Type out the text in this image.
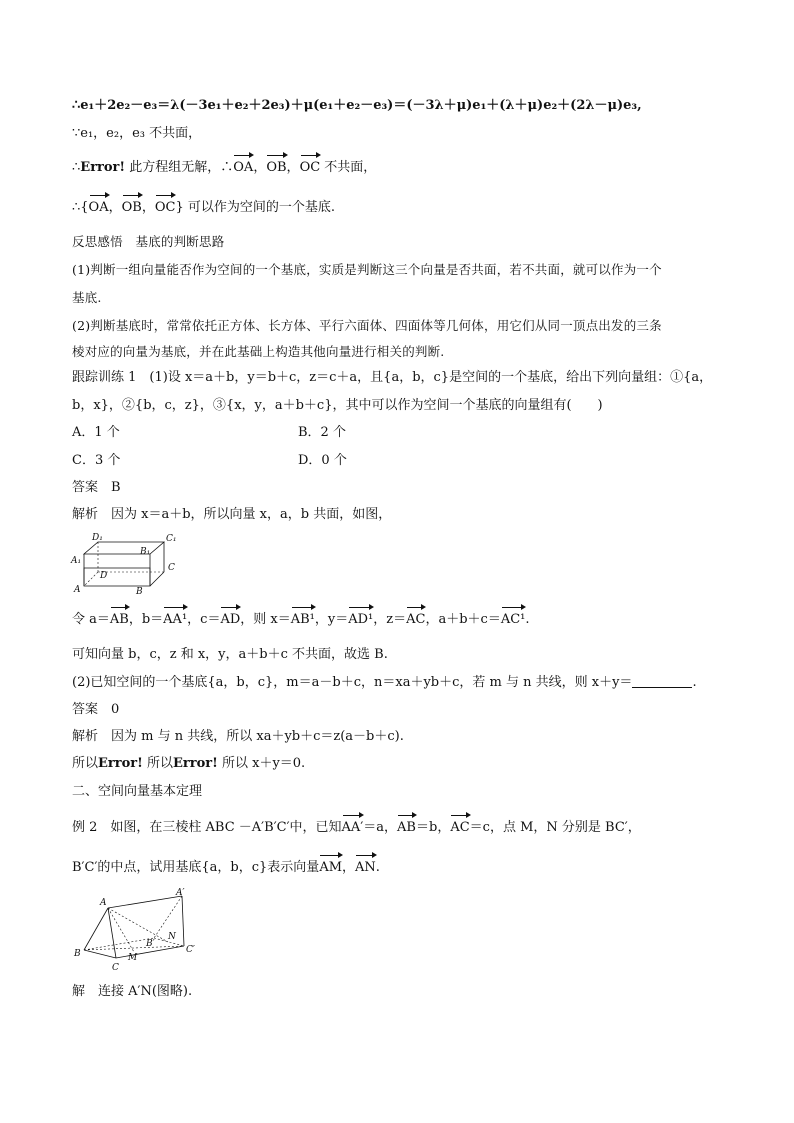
∴e₁＋2e₂－e₃＝λ(－3e₁＋e₂＋2e₃)＋μ(e₁＋e₂－e₃)＝(－3λ＋μ)e₁＋(λ＋μ)e₂＋(2λ－μ)e₃,
∵e₁，e₂，e₃ 不共面，
∴Error! 此方程组无解，∴OA，OB，OC 不共面，
∴{OA，OB，OC} 可以作为空间的一个基底.
反思感悟　基底的判断思路
(1)判断一组向量能否作为空间的一个基底，实质是判断这三个向量是否共面，若不共面，就可以作为一个
基底.
(2)判断基底时，常常依托正方体、长方体、平行六面体、四面体等几何体，用它们从同一顶点出发的三条
棱对应的向量为基底，并在此基础上构造其他向量进行相关的判断.
跟踪训练 1　(1)设 x＝a＋b，y＝b＋c，z＝c＋a，且{a，b，c}是空间的一个基底，给出下列向量组：①{a，
b，x}，②{b，c，z}，③{x，y，a＋b＋c}，其中可以作为空间一个基底的向量组有(　　)
A．1 个	B．2 个
C．3 个	D．0 个
答案　B
解析　因为 x＝a＋b，所以向量 x，a，b 共面，如图，
D₁	C₁
B₁
A₁
D
C
A	B
令 a＝AB，b＝AA¹，c＝AD，则 x＝AB¹，y＝AD¹，z＝AC，a＋b＋c＝AC¹.
可知向量 b，c，z 和 x，y，a＋b＋c 不共面，故选 B.
(2)已知空间的一个基底{a，b，c}，m＝a－b＋c，n＝xa＋yb＋c，若 m 与 n 共线，则 x＋y＝	.
答案　0
解析　因为 m 与 n 共线，所以 xa＋yb＋c＝z(a－b＋c).
所以Error! 所以Error! 所以 x＋y＝0.
二、空间向量基本定理
例 2　如图，在三棱柱 ABC －A′B′C′中，已知AA′＝a，AB＝b，AC＝c，点 M，N 分别是 BC′，
B′C′的中点，试用基底{a，b，c}表示向量AM，AN.
A
A′
B′
N
B	M
C
C′
解　连接 A′N(图略).
